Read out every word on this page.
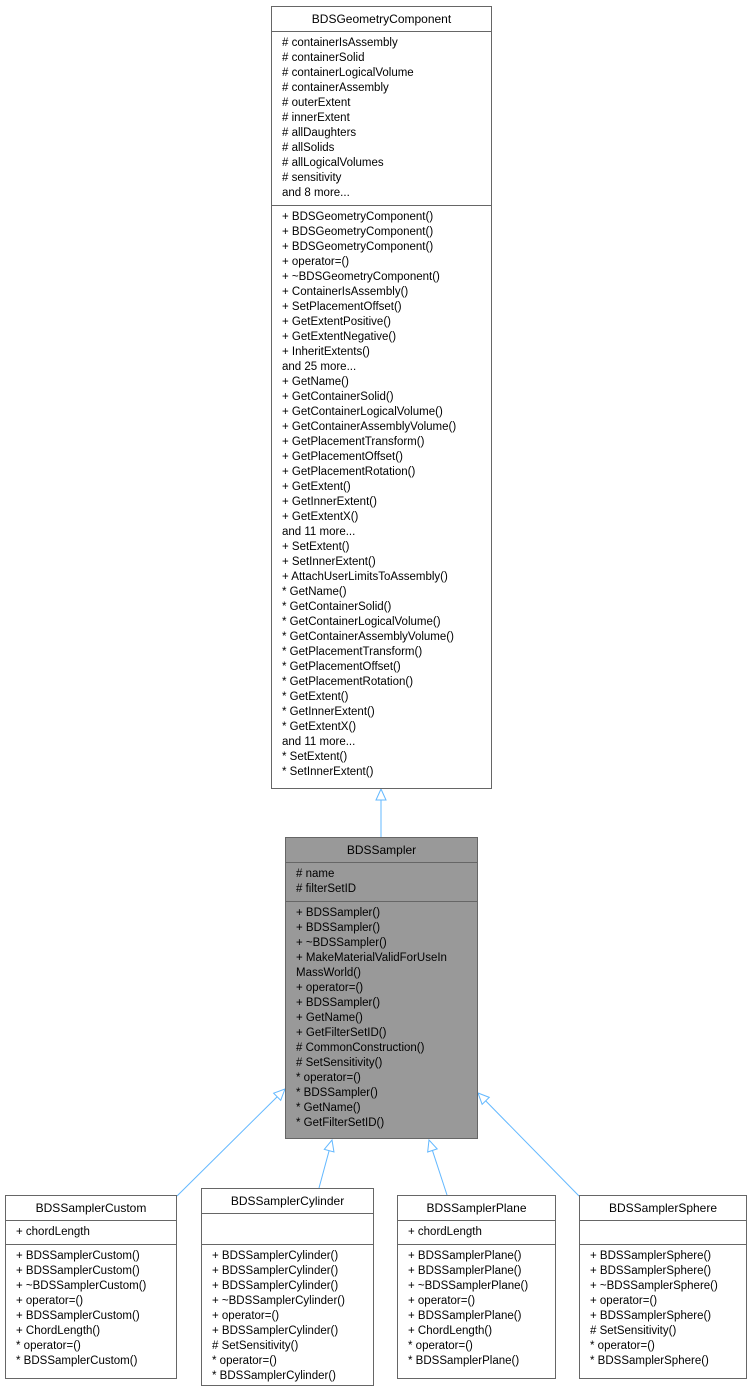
BDSGeometryComponent
# containerIsAssembly
# containerSolid
# containerLogicalVolume
# containerAssembly
# outerExtent
# innerExtent
# allDaughters
# allSolids
# allLogicalVolumes
# sensitivity
and 8 more...
+ BDSGeometryComponent()
+ BDSGeometryComponent()
+ BDSGeometryComponent()
+ operator=()
+ ~BDSGeometryComponent()
+ ContainerIsAssembly()
+ SetPlacementOffset()
+ GetExtentPositive()
+ GetExtentNegative()
+ InheritExtents()
and 25 more...
+ GetName()
+ GetContainerSolid()
+ GetContainerLogicalVolume()
+ GetContainerAssemblyVolume()
+ GetPlacementTransform()
+ GetPlacementOffset()
+ GetPlacementRotation()
+ GetExtent()
+ GetInnerExtent()
+ GetExtentX()
and 11 more...
+ SetExtent()
+ SetInnerExtent()
+ AttachUserLimitsToAssembly()
* GetName()
* GetContainerSolid()
* GetContainerLogicalVolume()
* GetContainerAssemblyVolume()
* GetPlacementTransform()
* GetPlacementOffset()
* GetPlacementRotation()
* GetExtent()
* GetInnerExtent()
* GetExtentX()
and 11 more...
* SetExtent()
* SetInnerExtent()
BDSSampler
# name
# filterSetID
+ BDSSampler()
+ BDSSampler()
+ ~BDSSampler()
+ MakeMaterialValidForUseIn
MassWorld()
+ operator=()
+ BDSSampler()
+ GetName()
+ GetFilterSetID()
# CommonConstruction()
# SetSensitivity()
* operator=()
* BDSSampler()
* GetName()
* GetFilterSetID()
BDSSamplerCustom
+ chordLength
+ BDSSamplerCustom()
+ BDSSamplerCustom()
+ ~BDSSamplerCustom()
+ operator=()
+ BDSSamplerCustom()
+ ChordLength()
* operator=()
* BDSSamplerCustom()
BDSSamplerCylinder
+ BDSSamplerCylinder()
+ BDSSamplerCylinder()
+ BDSSamplerCylinder()
+ ~BDSSamplerCylinder()
+ operator=()
+ BDSSamplerCylinder()
# SetSensitivity()
* operator=()
* BDSSamplerCylinder()
BDSSamplerPlane
+ chordLength
+ BDSSamplerPlane()
+ BDSSamplerPlane()
+ ~BDSSamplerPlane()
+ operator=()
+ BDSSamplerPlane()
+ ChordLength()
* operator=()
* BDSSamplerPlane()
BDSSamplerSphere
+ BDSSamplerSphere()
+ BDSSamplerSphere()
+ ~BDSSamplerSphere()
+ operator=()
+ BDSSamplerSphere()
# SetSensitivity()
* operator=()
* BDSSamplerSphere()
